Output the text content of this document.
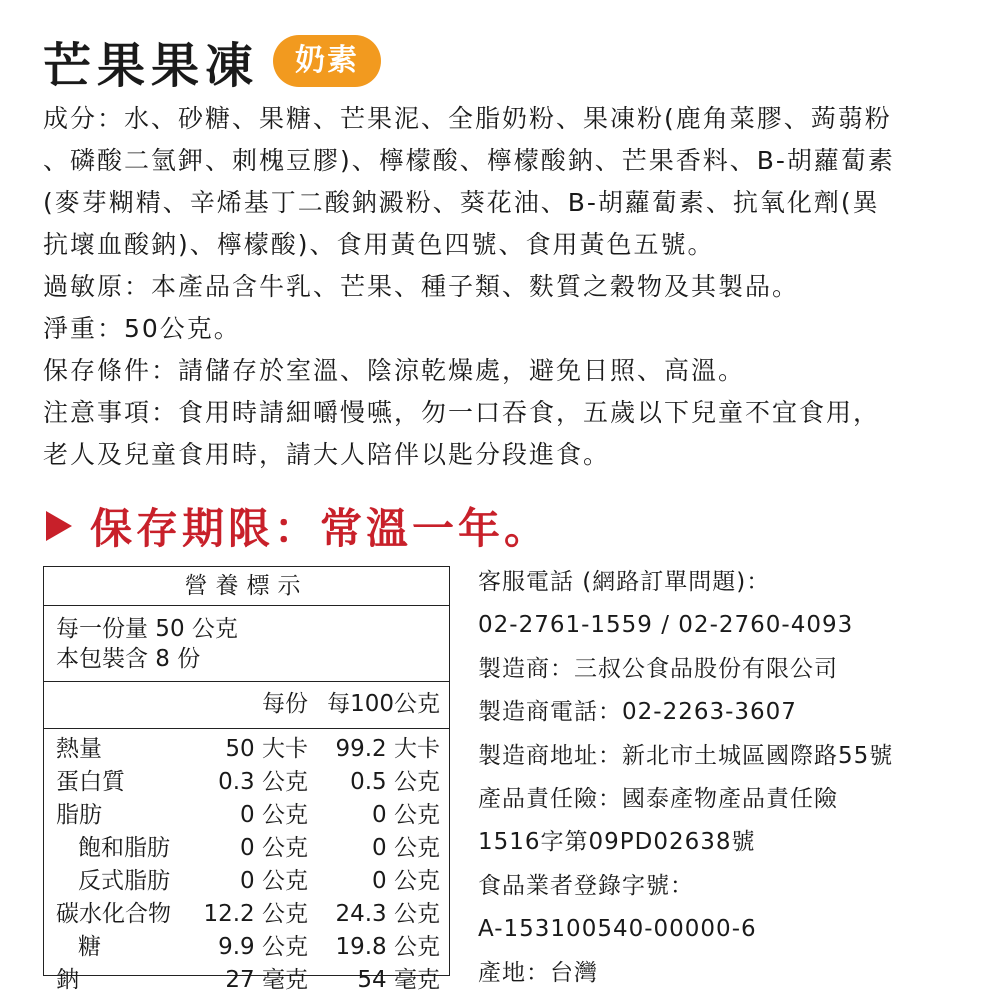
芒果果凍	奶素

成分：水、砂糖、果糖、芒果泥、全脂奶粉、果凍粉(鹿角菜膠、蒟蒻粉

、磷酸二氫鉀、刺槐豆膠)、檸檬酸、檸檬酸鈉、芒果香料、B-胡蘿蔔素

(麥芽糊精、辛烯基丁二酸鈉澱粉、葵花油、B-胡蘿蔔素、抗氧化劑(異

抗壞血酸鈉)、檸檬酸)、食用黃色四號、食用黃色五號。

過敏原：本產品含牛乳、芒果、種子類、麩質之穀物及其製品。

淨重：50公克。

保存條件：請儲存於室溫、陰涼乾燥處，避免日照、高溫。

注意事項：食用時請細嚼慢嚥，勿一口吞食，五歲以下兒童不宜食用，

老人及兒童食用時，請大人陪伴以匙分段進食。

保存期限：常溫一年。
營養標示
每一份量 50 公克
本包裝含 8 份
每份 每100公克
熱量	50 大卡 99.2 大卡
蛋白質	0.3 公克 0.5 公克
脂肪	0 公克	0 公克
飽和脂肪	0 公克	0 公克
反式脂肪	0 公克	0 公克
碳水化合物 12.2 公克 24.3 公克
糖	9.9 公克 19.8 公克
鈉	27 毫克 54 毫克

客服電話 (網路訂單問題)：

02-2761-1559 / 02-2760-4093

製造商：三叔公食品股份有限公司

製造商電話：02-2263-3607

製造商地址：新北市土城區國際路55號

產品責任險：國泰產物產品責任險

1516字第09PD02638號

食品業者登錄字號：

A-153100540-00000-6

產地：台灣
